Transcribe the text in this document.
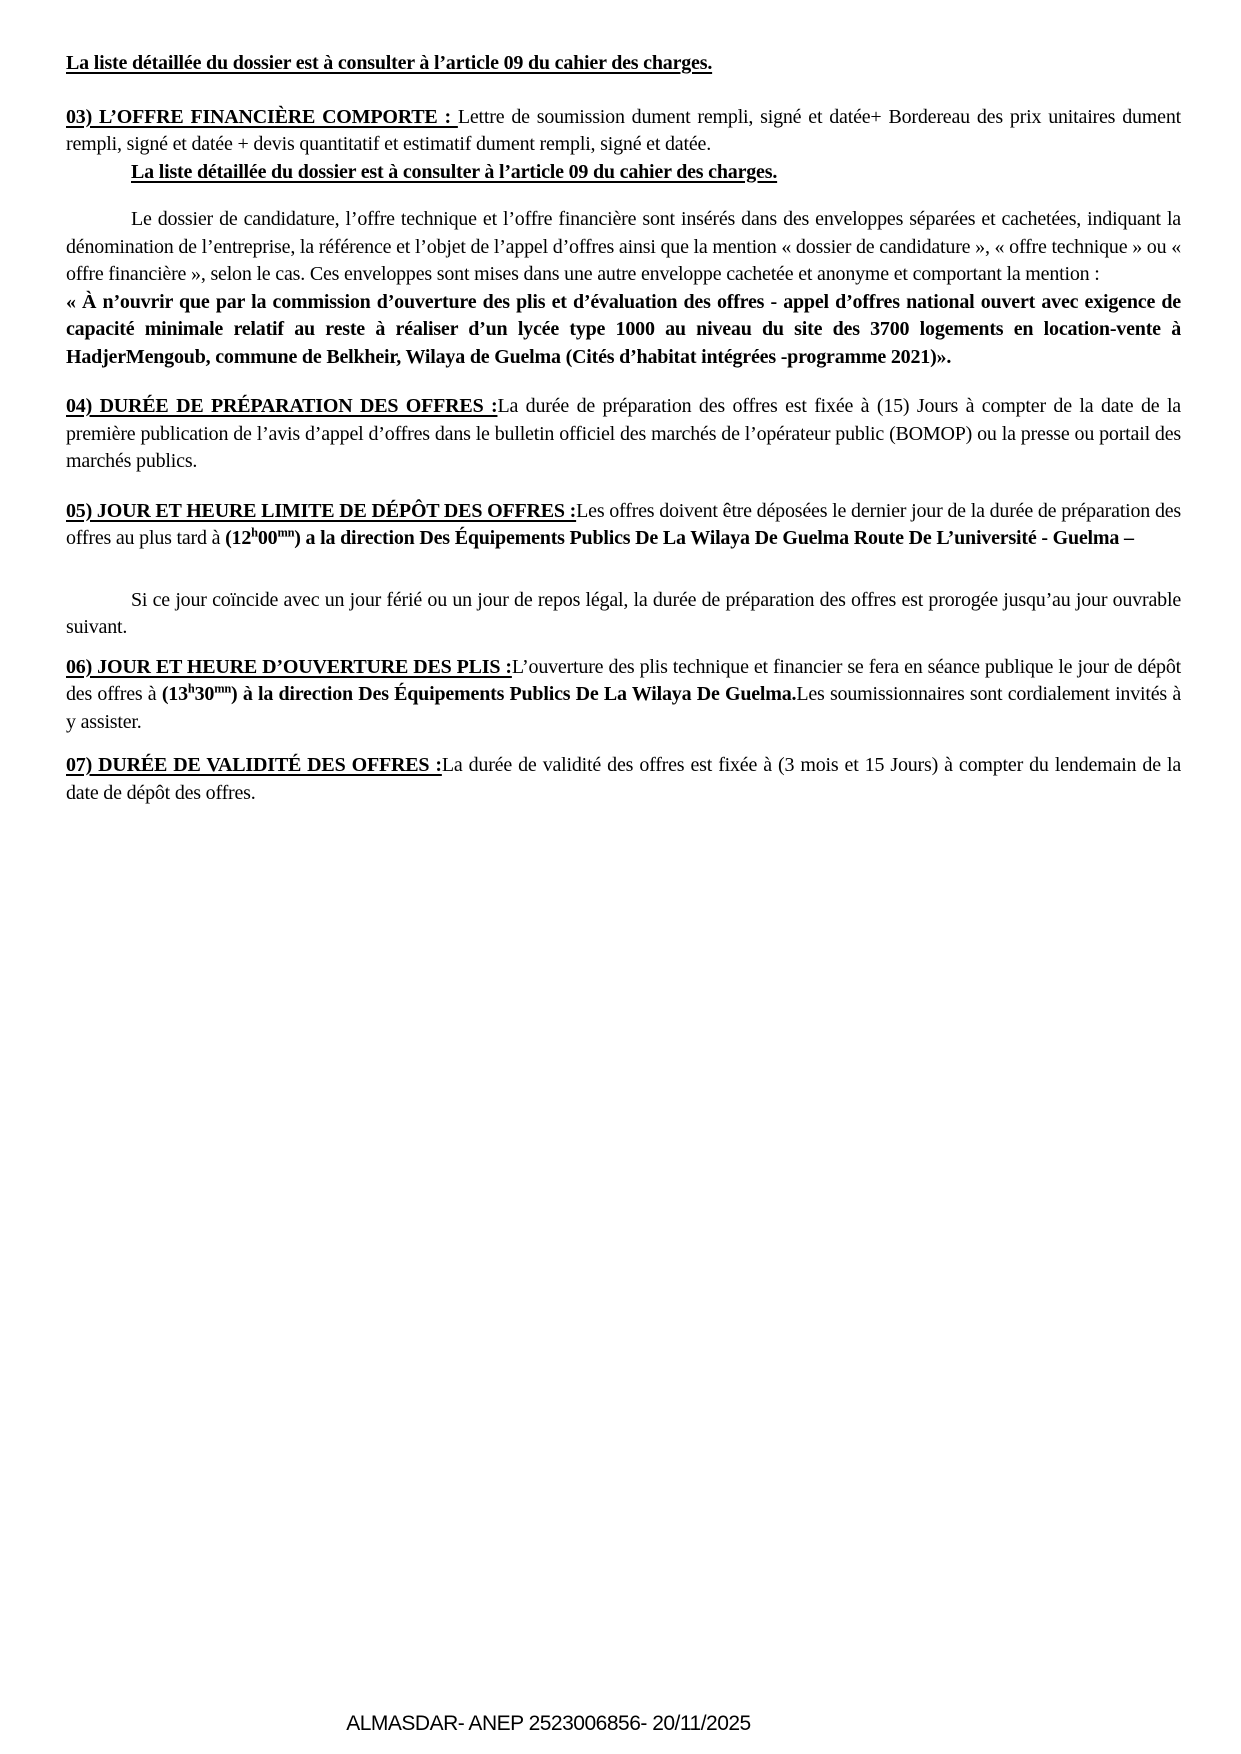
La liste détaillée du dossier est à consulter à l’article 09 du cahier des charges.

03) L’OFFRE FINANCIÈRE COMPORTE : Lettre de soumission dument rempli, signé et datée+ Bordereau des prix unitaires dument rempli, signé et datée + devis quantitatif et estimatif dument rempli, signé et datée.

La liste détaillée du dossier est à consulter à l’article 09 du cahier des charges.

Le dossier de candidature, l’offre technique et l’offre financière sont insérés dans des enveloppes séparées et cachetées, indiquant la dénomination de l’entreprise, la référence et l’objet de l’appel d’offres ainsi que la mention « dossier de candidature », « offre technique » ou « offre financière », selon le cas. Ces enveloppes sont mises dans une autre enveloppe cachetée et anonyme et comportant la mention :

« À n’ouvrir que par la commission d’ouverture des plis et d’évaluation des offres - appel d’offres national ouvert avec exigence de capacité minimale relatif au reste à réaliser d’un lycée type 1000 au niveau du site des 3700 logements en location-vente à HadjerMengoub, commune de Belkheir, Wilaya de Guelma (Cités d’habitat intégrées -programme 2021)».

04) DURÉE DE PRÉPARATION DES OFFRES :La durée de préparation des offres est fixée à (15) Jours à compter de la date de la première publication de l’avis d’appel d’offres dans le bulletin officiel des marchés de l’opérateur public (BOMOP) ou la presse ou portail des marchés publics.

05) JOUR ET HEURE LIMITE DE DÉPÔT DES OFFRES :Les offres doivent être déposées le dernier jour de la durée de préparation des offres au plus tard à $(12^h00^{mn})$ a la direction Des Équipements Publics De La Wilaya De Guelma Route De L’université - Guelma –

Si ce jour coïncide avec un jour férié ou un jour de repos légal, la durée de préparation des offres est prorogée jusqu’au jour ouvrable suivant.

06) JOUR ET HEURE D’OUVERTURE DES PLIS :L’ouverture des plis technique et financier se fera en séance publique le jour de dépôt des offres à $(13^h30^{mn})$ à la direction Des Équipements Publics De La Wilaya De Guelma.Les soumissionnaires sont cordialement invités à y assister.

07) DURÉE DE VALIDITÉ DES OFFRES :La durée de validité des offres est fixée à (3 mois et 15 Jours) à compter du lendemain de la date de dépôt des offres.

ALMASDAR- ANEP 2523006856- 20/11/2025
